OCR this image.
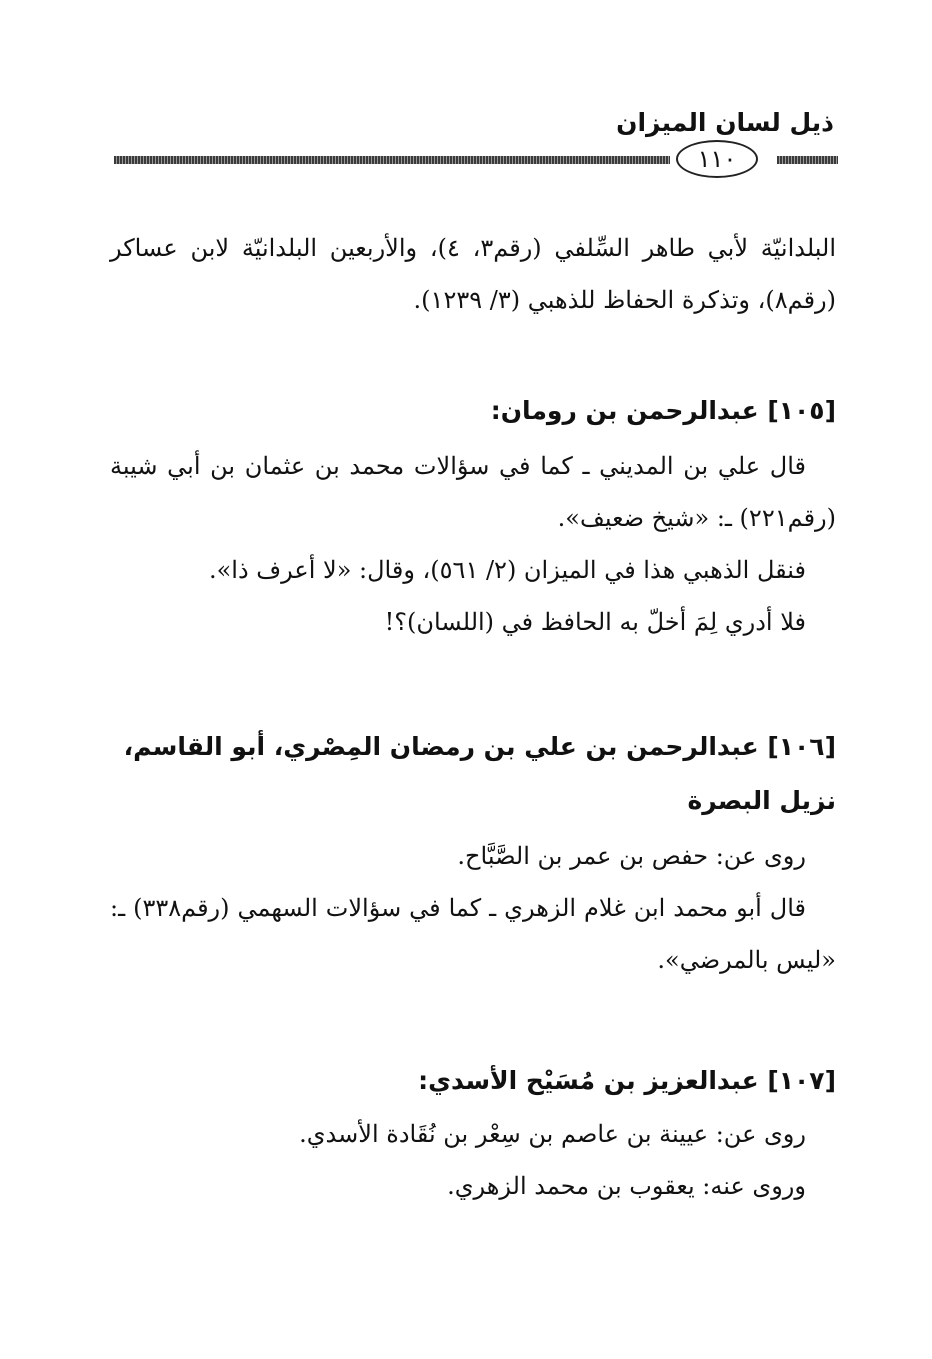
ذيل لسان الميزان
١١٠

البلدانيّة لأبي طاهر السِّلفي (رقم٣، ٤)، والأربعين البلدانيّة لابن عساكر (رقم٨)، وتذكرة الحفاظ للذهبي (٣/ ١٢٣٩).

[١٠٥] عبدالرحمن بن رومان:

قال علي بن المديني ـ كما في سؤالات محمد بن عثمان بن أبي شيبة (رقم٢٢١) ـ: «شيخ ضعيف».

فنقل الذهبي هذا في الميزان (٢/ ٥٦١)، وقال: «لا أعرف ذا».

فلا أدري لِمَ أخلّ به الحافظ في (اللسان)؟!

[١٠٦] عبدالرحمن بن علي بن رمضان المِصْري، أبو القاسم، نزيل البصرة

روى عن: حفص بن عمر بن الصَّبَّاح.

قال أبو محمد ابن غلام الزهري ـ كما في سؤالات السهمي (رقم٣٣٨) ـ: «ليس بالمرضي».

[١٠٧] عبدالعزيز بن مُسَيْح الأسدي:

روى عن: عيينة بن عاصم بن سِعْر بن نُقَادة الأسدي.

وروى عنه: يعقوب بن محمد الزهري.
